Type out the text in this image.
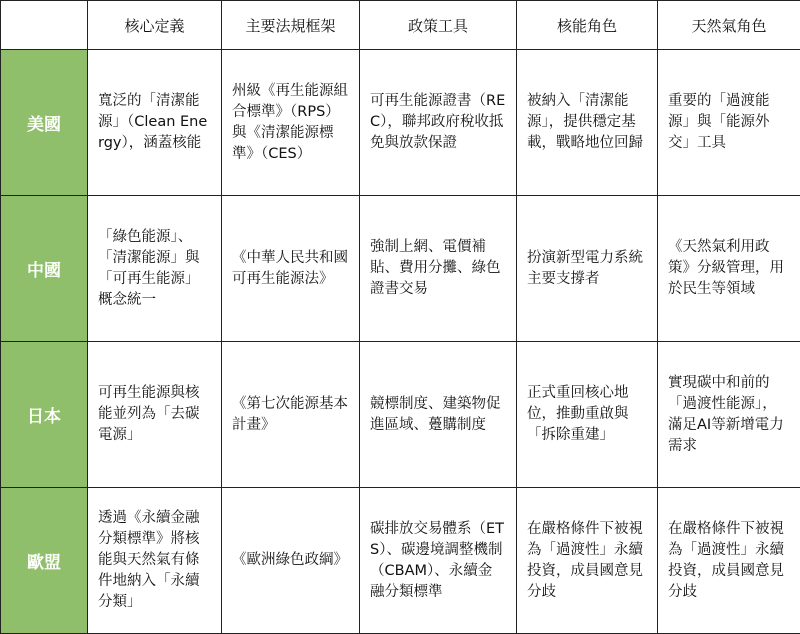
	核心定義	主要法規框架	政策工具	核能角色	天然氣角色
美國	寬泛的「清潔能源」（Clean Energy），涵蓋核能	州級《再生能源組合標準》（RPS）與《清潔能源標準》（CES）	可再生能源證書（REC），聯邦政府稅收抵免與放款保證	被納入「清潔能源」，提供穩定基載，戰略地位回歸	重要的「過渡能源」與「能源外交」工具
中國	「綠色能源」、「清潔能源」與「可再生能源」概念統一	《中華人民共和國可再生能源法》	強制上網、電價補貼、費用分攤、綠色證書交易	扮演新型電力系統主要支撐者	《天然氣利用政策》分級管理，用於民生等領域
日本	可再生能源與核能並列為「去碳電源」	《第七次能源基本計畫》	競標制度、建築物促進區域、躉購制度	正式重回核心地位，推動重啟與「拆除重建」	實現碳中和前的「過渡性能源」，滿足AI等新增電力需求
歐盟	透過《永續金融分類標準》將核能與天然氣有條件地納入「永續分類」	《歐洲綠色政綱》	碳排放交易體系（ETS）、碳邊境調整機制（CBAM）、永續金融分類標準	在嚴格條件下被視為「過渡性」永續投資，成員國意見分歧	在嚴格條件下被視為「過渡性」永續投資，成員國意見分歧
